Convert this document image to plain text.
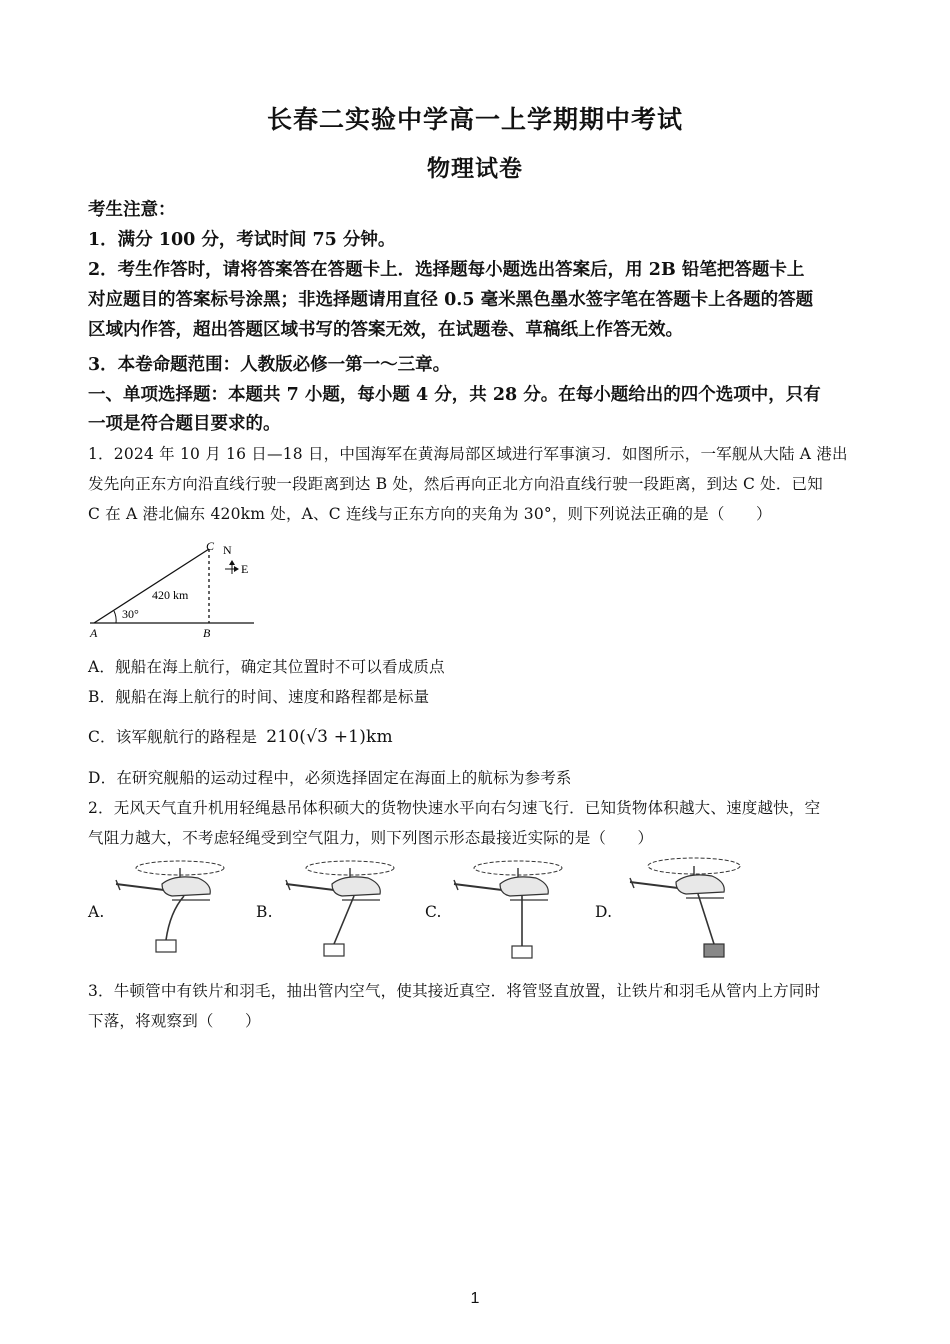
长春二实验中学高一上学期期中考试
物理试卷
考生注意：
1．满分 100 分，考试时间 75 分钟。
2．考生作答时，请将答案答在答题卡上．选择题每小题选出答案后，用 2B 铅笔把答题卡上
对应题目的答案标号涂黑；非选择题请用直径 0.5 毫米黑色墨水签字笔在答题卡上各题的答题
区域内作答，超出答题区域书写的答案无效，在试题卷、草稿纸上作答无效。
3．本卷命题范围：人教版必修一第一～三章。
一、单项选择题：本题共 7 小题，每小题 4 分，共 28 分。在每小题给出的四个选项中，只有
一项是符合题目要求的。
1．2024 年 10 月 16 日—18 日，中国海军在黄海局部区域进行军事演习．如图所示，一军舰从大陆 A 港出
发先向正东方向沿直线行驶一段距离到达 B 处，然后再向正北方向沿直线行驶一段距离，到达 C 处．已知
C 在 A 港北偏东 420km 处，A、C 连线与正东方向的夹角为 30°，则下列说法正确的是（　　）
C N
E
420 km
30°
A	B
A．舰船在海上航行，确定其位置时不可以看成质点
B．舰船在海上航行的时间、速度和路程都是标量
C．该军舰航行的路程是 210(√3 +1)km
D．在研究舰船的运动过程中，必须选择固定在海面上的航标为参考系
2．无风天气直升机用轻绳悬吊体积硕大的货物快速水平向右匀速飞行．已知货物体积越大、速度越快，空
气阻力越大，不考虑轻绳受到空气阻力，则下列图示形态最接近实际的是（　　）
A.	B.	C.	D.
3．牛顿管中有铁片和羽毛，抽出管内空气，使其接近真空．将管竖直放置，让铁片和羽毛从管内上方同时
下落，将观察到（　　）
1
